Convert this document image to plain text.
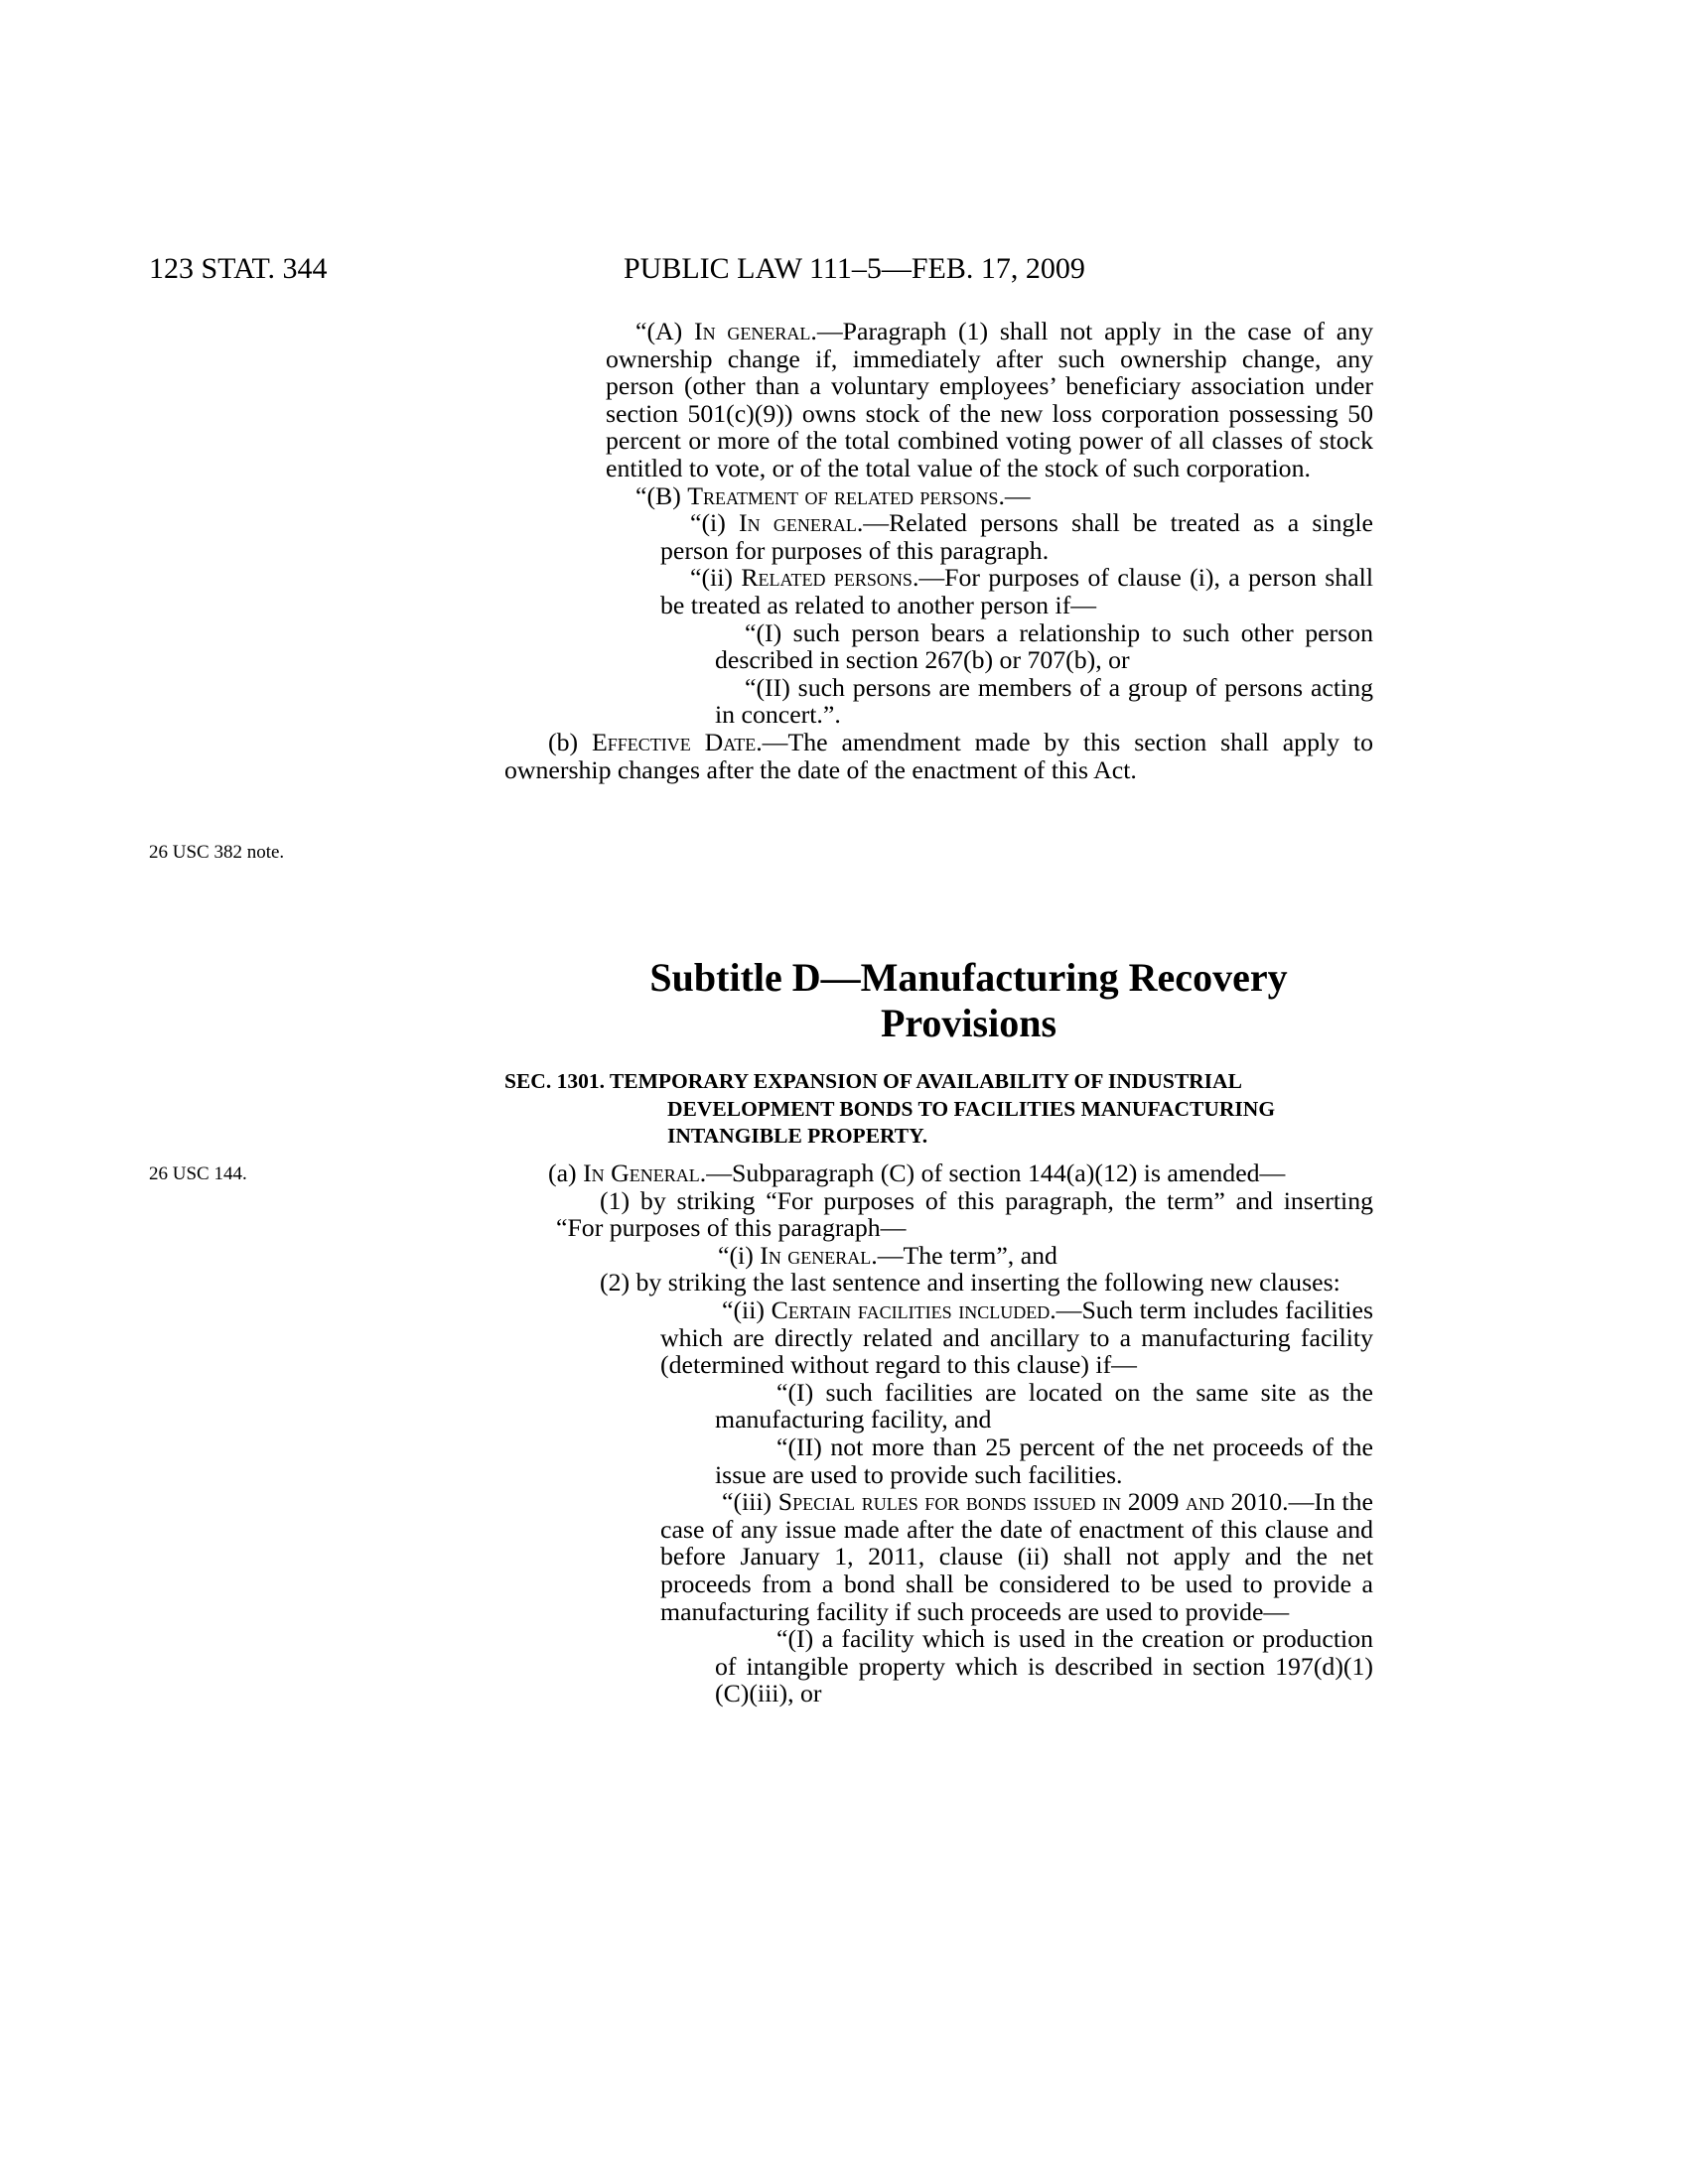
123 STAT. 344	PUBLIC LAW 111–5—FEB. 17, 2009
26 USC 382 note.
26 USC 144.

“(A) In general.—Paragraph (1) shall not apply in the case of any ownership change if, immediately after such ownership change, any person (other than a voluntary employees’ beneficiary association under section 501(c)(9)) owns stock of the new loss corporation possessing 50 percent or more of the total combined voting power of all classes of stock entitled to vote, or of the total value of the stock of such corporation.

“(B) Treatment of related persons.—

“(i) In general.—Related persons shall be treated as a single person for purposes of this paragraph.

“(ii) Related persons.—For purposes of clause (i), a person shall be treated as related to another person if—

“(I) such person bears a relationship to such other person described in section 267(b) or 707(b), or

“(II) such persons are members of a group of persons acting in concert.”.

(b) Effective Date.—The amendment made by this section shall apply to ownership changes after the date of the enactment of this Act.

Subtitle D—Manufacturing Recovery
Provisions
SEC. 1301. TEMPORARY EXPANSION OF AVAILABILITY OF INDUSTRIAL
DEVELOPMENT BONDS TO FACILITIES MANUFACTURING
INTANGIBLE PROPERTY.

(a) In General.—Subparagraph (C) of section 144(a)(12) is amended—

(1) by striking “For purposes of this paragraph, the term” and inserting “For purposes of this paragraph—

“(i) In general.—The term”, and

(2) by striking the last sentence and inserting the following new clauses:

“(ii) Certain facilities included.—Such term includes facilities which are directly related and ancillary to a manufacturing facility (determined without regard to this clause) if—

“(I) such facilities are located on the same site as the manufacturing facility, and

“(II) not more than 25 percent of the net proceeds of the issue are used to provide such facilities.

“(iii) Special rules for bonds issued in 2009 and 2010.—In the case of any issue made after the date of enactment of this clause and before January 1, 2011, clause (ii) shall not apply and the net proceeds from a bond shall be considered to be used to provide a manufacturing facility if such proceeds are used to provide—

“(I) a facility which is used in the creation or production of intangible property which is described in section 197(d)(1)(C)(iii), or
